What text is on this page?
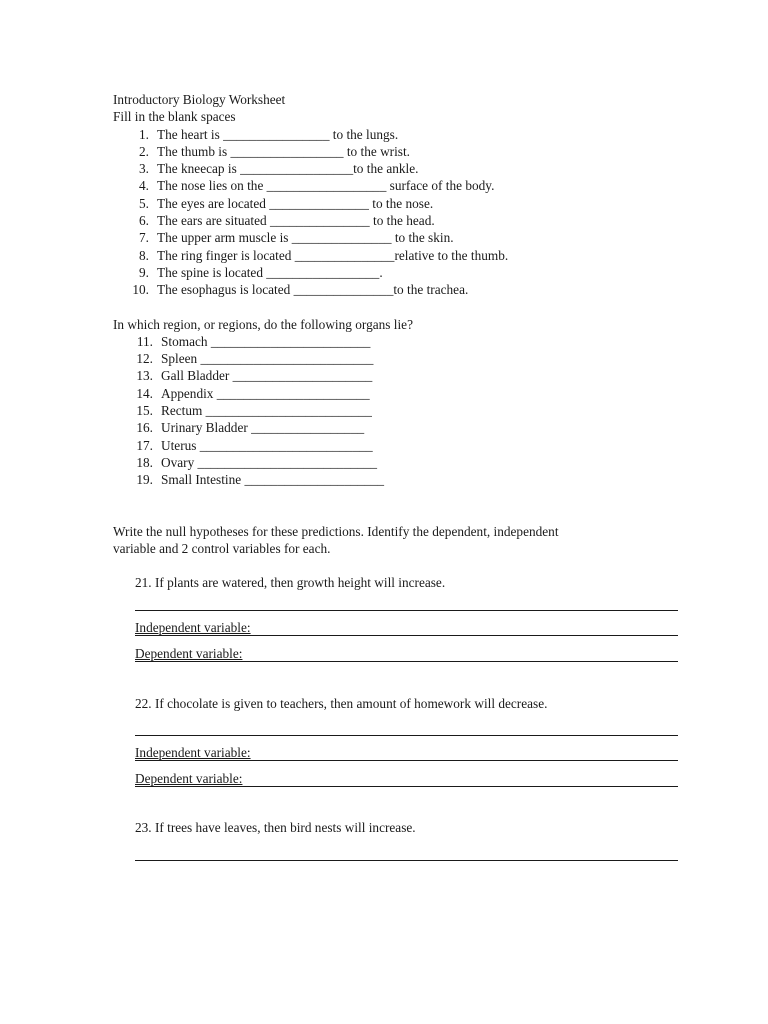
Introductory Biology Worksheet
Fill in the blank spaces
1. The heart is ________________ to the lungs.
2. The thumb is _________________ to the wrist.
3. The kneecap is _________________to the ankle.
4. The nose lies on the __________________ surface of the body.
5. The eyes are located _______________ to the nose.
6. The ears are situated _______________ to the head.
7. The upper arm muscle is _______________ to the skin.
8. The ring finger is located _______________relative to the thumb.
9. The spine is located _________________.
10. The esophagus is located _______________to the trachea.
In which region, or regions, do the following organs lie?
11. Stomach ________________________
12. Spleen __________________________
13. Gall Bladder _____________________
14. Appendix _______________________
15. Rectum _________________________
16. Urinary Bladder _________________
17. Uterus __________________________
18. Ovary ___________________________
19. Small Intestine _____________________
Write the null hypotheses for these predictions. Identify the dependent, independent
variable and 2 control variables for each.
21. If plants are watered, then growth height will increase.
Independent variable:
Dependent variable:
22. If chocolate is given to teachers, then amount of homework will decrease.
Independent variable:
Dependent variable:
23. If trees have leaves, then bird nests will increase.
